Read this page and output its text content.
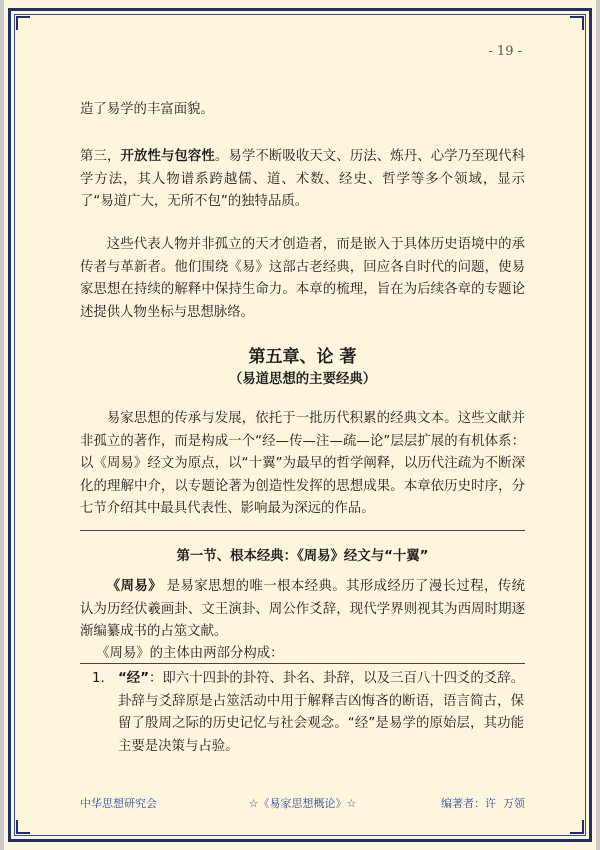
- 19 -

造了易学的丰富面貌。

第三，开放性与包容性。易学不断吸收天文、历法、炼丹、心学乃至现代科学方法，其人物谱系跨越儒、道、术数、经史、哲学等多个领域，显示了“易道广大，无所不包”的独特品质。

这些代表人物并非孤立的天才创造者，而是嵌入于具体历史语境中的承传者与革新者。他们围绕《易》这部古老经典，回应各自时代的问题，使易家思想在持续的解释中保持生命力。本章的梳理，旨在为后续各章的专题论述提供人物坐标与思想脉络。

第五章、论 著
（易道思想的主要经典）

易家思想的传承与发展，依托于一批历代积累的经典文本。这些文献并非孤立的著作，而是构成一个“经—传—注—疏—论”层层扩展的有机体系：以《周易》经文为原点，以“十翼”为最早的哲学阐释，以历代注疏为不断深化的理解中介，以专题论著为创造性发挥的思想成果。本章依历史时序，分七节介绍其中最具代表性、影响最为深远的作品。

第一节、根本经典：《周易》经文与“十翼”

《周易》 是易家思想的唯一根本经典。其形成经历了漫长过程，传统认为历经伏羲画卦、文王演卦、周公作爻辞，现代学界则视其为西周时期逐渐编纂成书的占筮文献。

《周易》的主体由两部分构成：

1. “经”：即六十四卦的卦符、卦名、卦辞，以及三百八十四爻的爻辞。卦辞与爻辞原是占筮活动中用于解释吉凶悔吝的断语，语言简古，保留了殷周之际的历史记忆与社会观念。“经”是易学的原始层，其功能主要是决策与占验。
中华思想研究会	☆《易家思想概论》☆	编著者：许  万领
